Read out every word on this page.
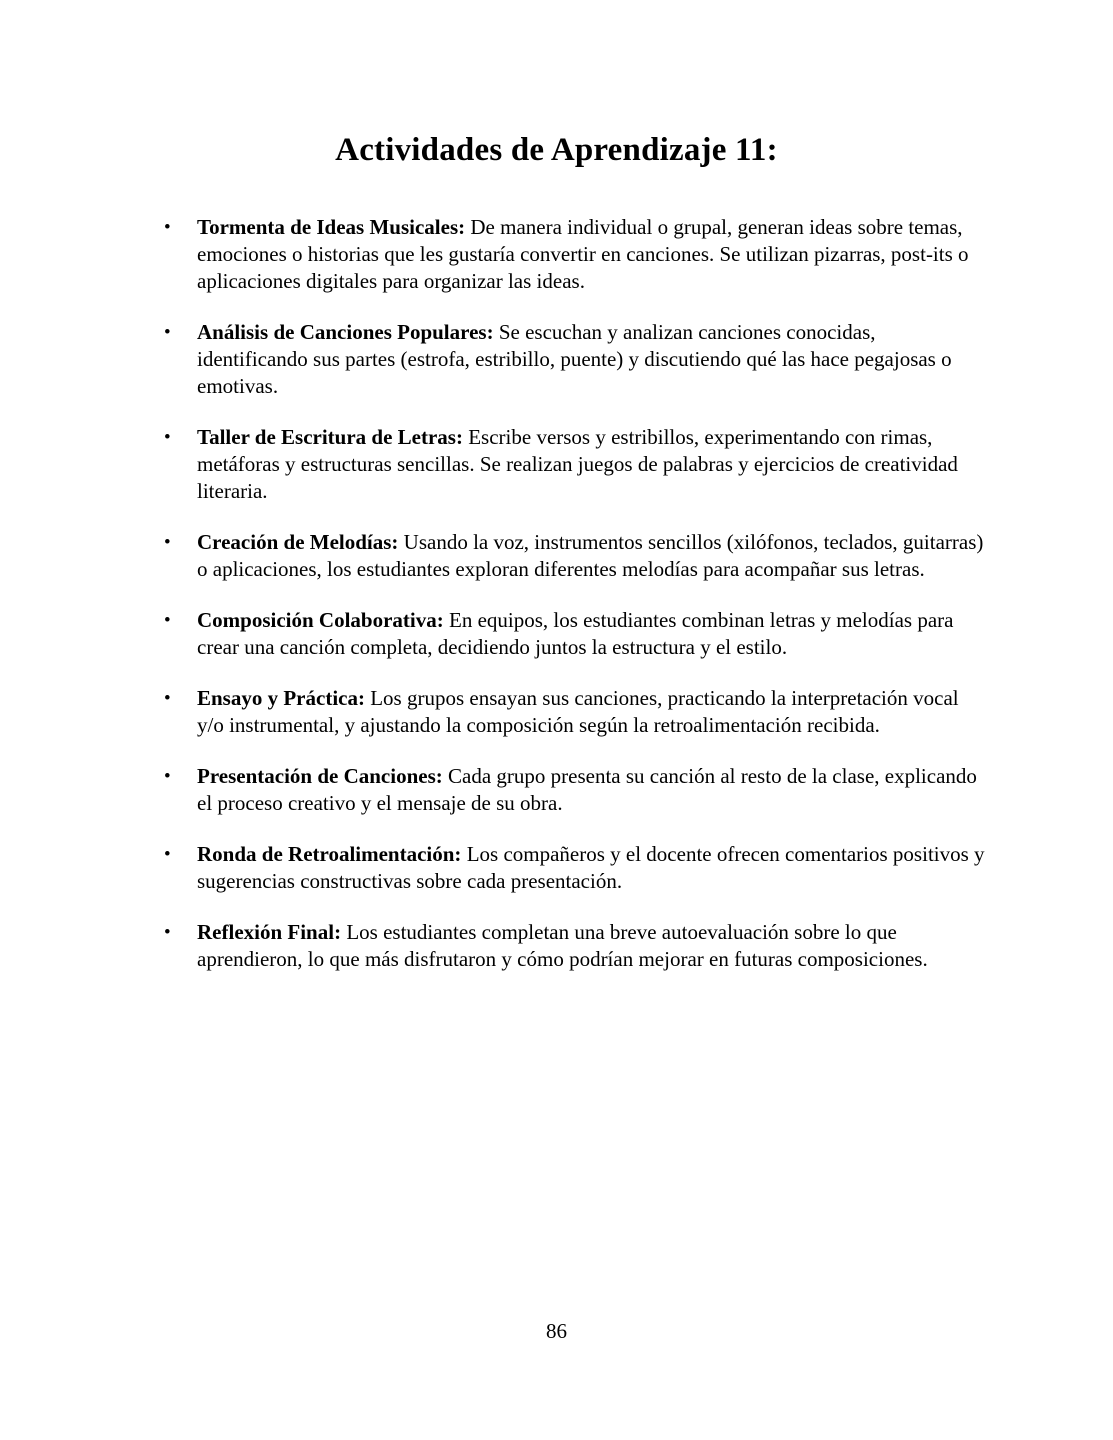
Actividades de Aprendizaje 11:
• Tormenta de Ideas Musicales: De manera individual o grupal, generan ideas sobre temas, emociones o historias que les gustaría convertir en canciones. Se utilizan pizarras, post-its o aplicaciones digitales para organizar las ideas.
• Análisis de Canciones Populares: Se escuchan y analizan canciones conocidas, identificando sus partes (estrofa, estribillo, puente) y discutiendo qué las hace pegajosas o emotivas.
• Taller de Escritura de Letras: Escribe versos y estribillos, experimentando con rimas, metáforas y estructuras sencillas. Se realizan juegos de palabras y ejercicios de creatividad literaria.
• Creación de Melodías: Usando la voz, instrumentos sencillos (xilófonos, teclados, guitarras) o aplicaciones, los estudiantes exploran diferentes melodías para acompañar sus letras.
• Composición Colaborativa: En equipos, los estudiantes combinan letras y melodías para crear una canción completa, decidiendo juntos la estructura y el estilo.
• Ensayo y Práctica: Los grupos ensayan sus canciones, practicando la interpretación vocal y/o instrumental, y ajustando la composición según la retroalimentación recibida.
• Presentación de Canciones: Cada grupo presenta su canción al resto de la clase, explicando el proceso creativo y el mensaje de su obra.
• Ronda de Retroalimentación: Los compañeros y el docente ofrecen comentarios positivos y sugerencias constructivas sobre cada presentación.
• Reflexión Final: Los estudiantes completan una breve autoevaluación sobre lo que aprendieron, lo que más disfrutaron y cómo podrían mejorar en futuras composiciones.
86
